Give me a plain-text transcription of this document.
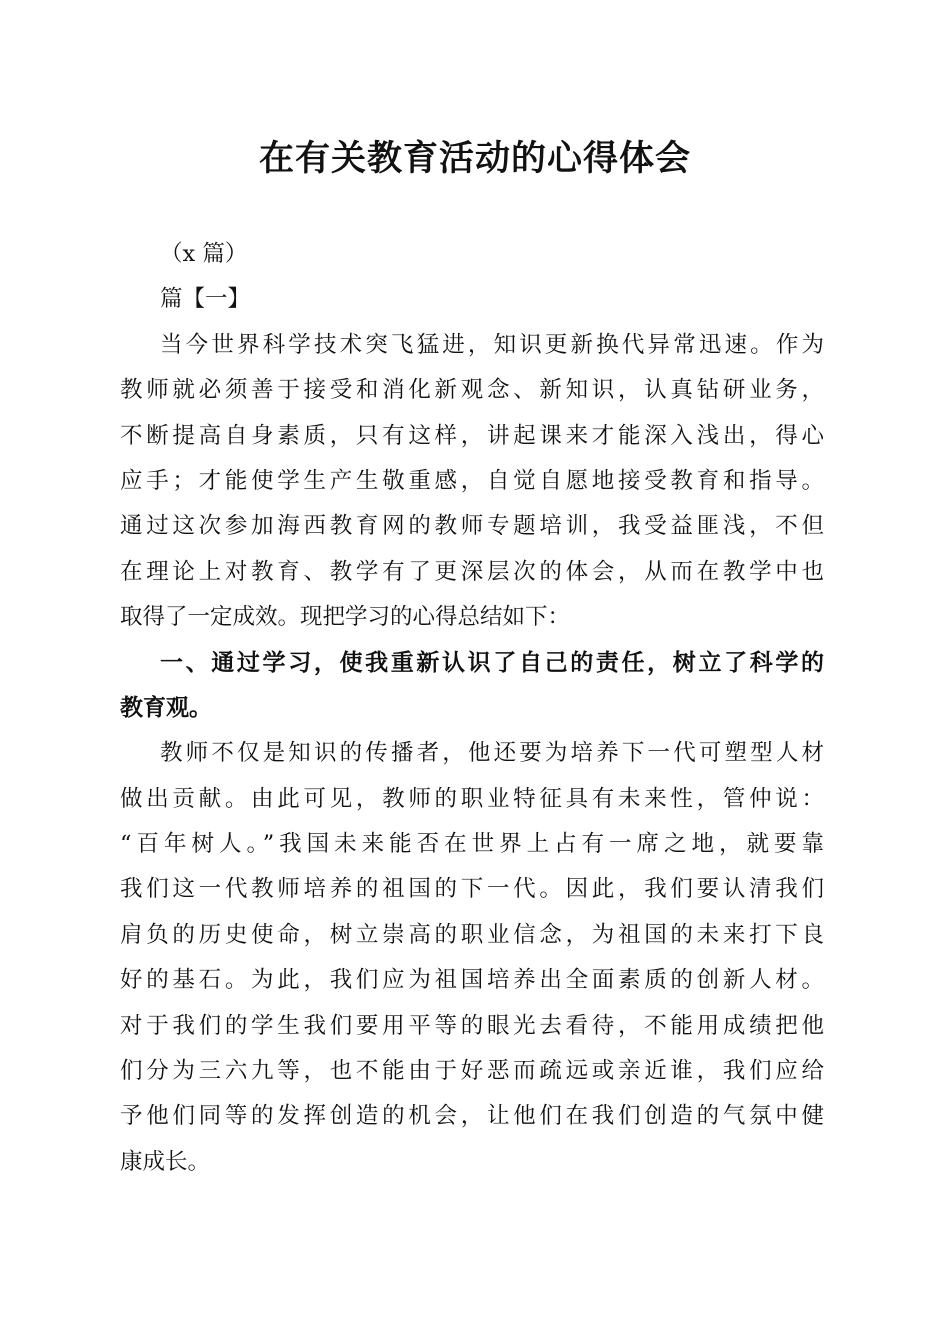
在有关教育活动的心得体会
（x 篇）
篇【一】
当今世界科学技术突飞猛进，知识更新换代异常迅速。作为
教师就必须善于接受和消化新观念、新知识，认真钻研业务，
不断提高自身素质，只有这样，讲起课来才能深入浅出，得心
应手；才能使学生产生敬重感，自觉自愿地接受教育和指导。
通过这次参加海西教育网的教师专题培训，我受益匪浅，不但
在理论上对教育、教学有了更深层次的体会，从而在教学中也
取得了一定成效。现把学习的心得总结如下：
一、通过学习，使我重新认识了自己的责任，树立了科学的
教育观。
教师不仅是知识的传播者，他还要为培养下一代可塑型人材
做出贡献。由此可见，教师的职业特征具有未来性，管仲说：
“百年树人。”我国未来能否在世界上占有一席之地，就要靠
我们这一代教师培养的祖国的下一代。因此，我们要认清我们
肩负的历史使命，树立崇高的职业信念，为祖国的未来打下良
好的基石。为此，我们应为祖国培养出全面素质的创新人材。
对于我们的学生我们要用平等的眼光去看待，不能用成绩把他
们分为三六九等，也不能由于好恶而疏远或亲近谁，我们应给
予他们同等的发挥创造的机会，让他们在我们创造的气氛中健
康成长。
